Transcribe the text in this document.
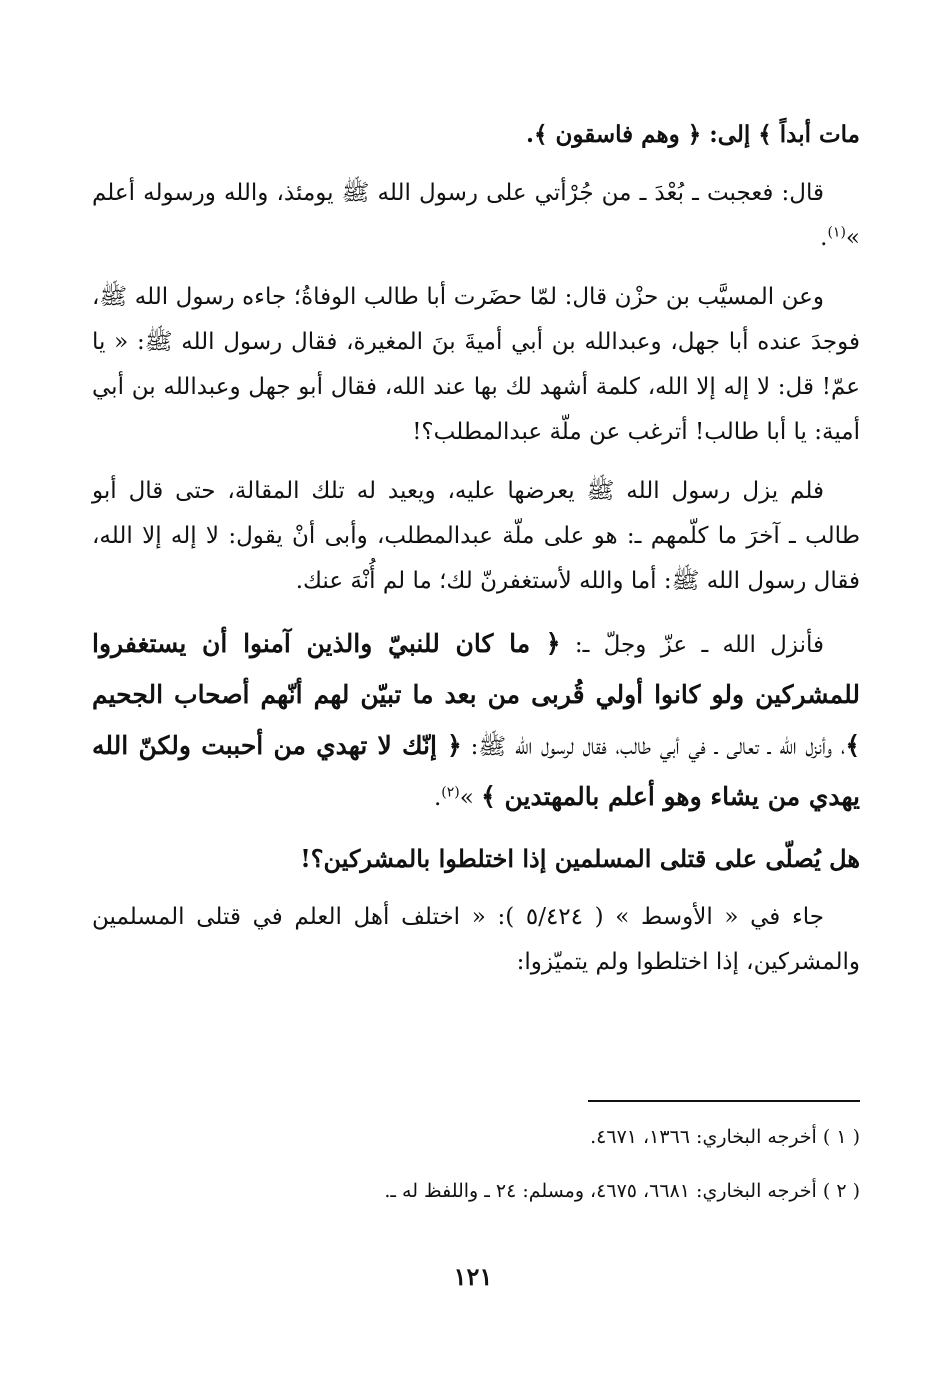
مات أبداً ﴾ إلى: ﴿ وهم فاسقون ﴾.

قال: فعجبت ـ بُعْدَ ـ من جُرْأتي على رسول الله ﷺ يومئذ، والله ورسوله أعلم »$^{(١)}$.

وعن المسيَّب بن حزْن قال: لمّا حضَرت أبا طالب الوفاةُ؛ جاءه رسول الله ﷺ، فوجدَ عنده أبا جهل، وعبدالله بن أبي أميةَ بنَ المغيرة، فقال رسول الله ﷺ: « يا عمّ! قل: لا إله إلا الله، كلمة أشهد لك بها عند الله، فقال أبو جهل وعبدالله بن أبي أمية: يا أبا طالب! أترغب عن ملّة عبدالمطلب؟!

فلم يزل رسول الله ﷺ يعرضها عليه، ويعيد له تلك المقالة، حتى قال أبو طالب ـ آخرَ ما كلّمهم ـ: هو على ملّة عبدالمطلب، وأبى أنْ يقول: لا إله إلا الله، فقال رسول الله ﷺ: أما والله لأستغفرنّ لك؛ ما لم أُنْهَ عنك.

فأنزل الله ـ عزّ وجلّ ـ: ﴿ ما كان للنبيّ والذين آمنوا أن يستغفروا للمشركين ولو كانوا أولي قُربى من بعد ما تبيّن لهم أنّهم أصحاب الجحيم ﴾، وأنزل الله ـ تعالى ـ في أبي طالب، فقال لرسول الله ﷺ: ﴿ إنّك لا تهدي من أحببت ولكنّ الله يهدي من يشاء وهو أعلم بالمهتدين ﴾ »$^{(٢)}$.

هل يُصلّى على قتلى المسلمين إذا اختلطوا بالمشركين؟!

جاء في « الأوسط » ( ٥/٤٢٤ ): « اختلف أهل العلم في قتلى المسلمين والمشركين، إذا اختلطوا ولم يتميّزوا:

( ١ ) أخرجه البخاري: ١٣٦٦، ٤٦٧١.

( ٢ ) أخرجه البخاري: ٦٦٨١، ٤٦٧٥، ومسلم: ٢٤ ـ واللفظ له ـ.

١٢١
